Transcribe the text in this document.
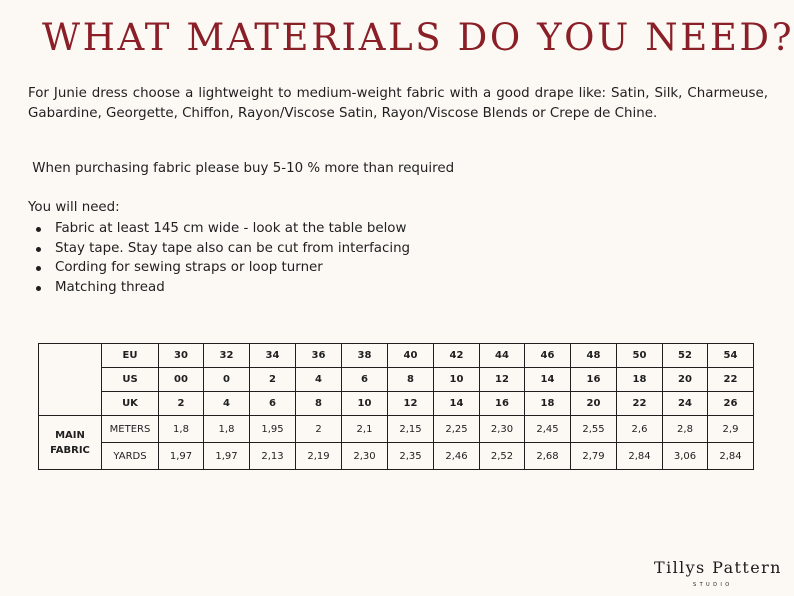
WHAT MATERIALS DO YOU NEED?

For Junie dress choose a lightweight to medium-weight fabric with a good drape like: Satin, Silk, Charmeuse, Gabardine, Georgette, Chiffon, Rayon/Viscose Satin, Rayon/Viscose Blends or Crepe de Chine.

When purchasing fabric please buy 5-10 % more than required

You will need:

Fabric at least 145 cm wide - look at the table below
Stay tape. Stay tape also can be cut from interfacing
Cording for sewing straps or loop turner
Matching thread
	EU	30	32	34	36	38	40	42	44	46	48	50	52	54
	US	00	0	2	4	6	8	10	12	14	16	18	20	22
	UK	2	4	6	8	10	12	14	16	18	20	22	24	26

MAIN
FABRIC	METERS	1,8	1,8	1,95	2	2,1	2,15	2,25	2,30	2,45	2,55	2,6	2,8	2,9
	YARDS	1,97	1,97	2,13	2,19	2,30	2,35	2,46	2,52	2,68	2,79	2,84	3,06	2,84
Tillys Pattern
STUDIO
